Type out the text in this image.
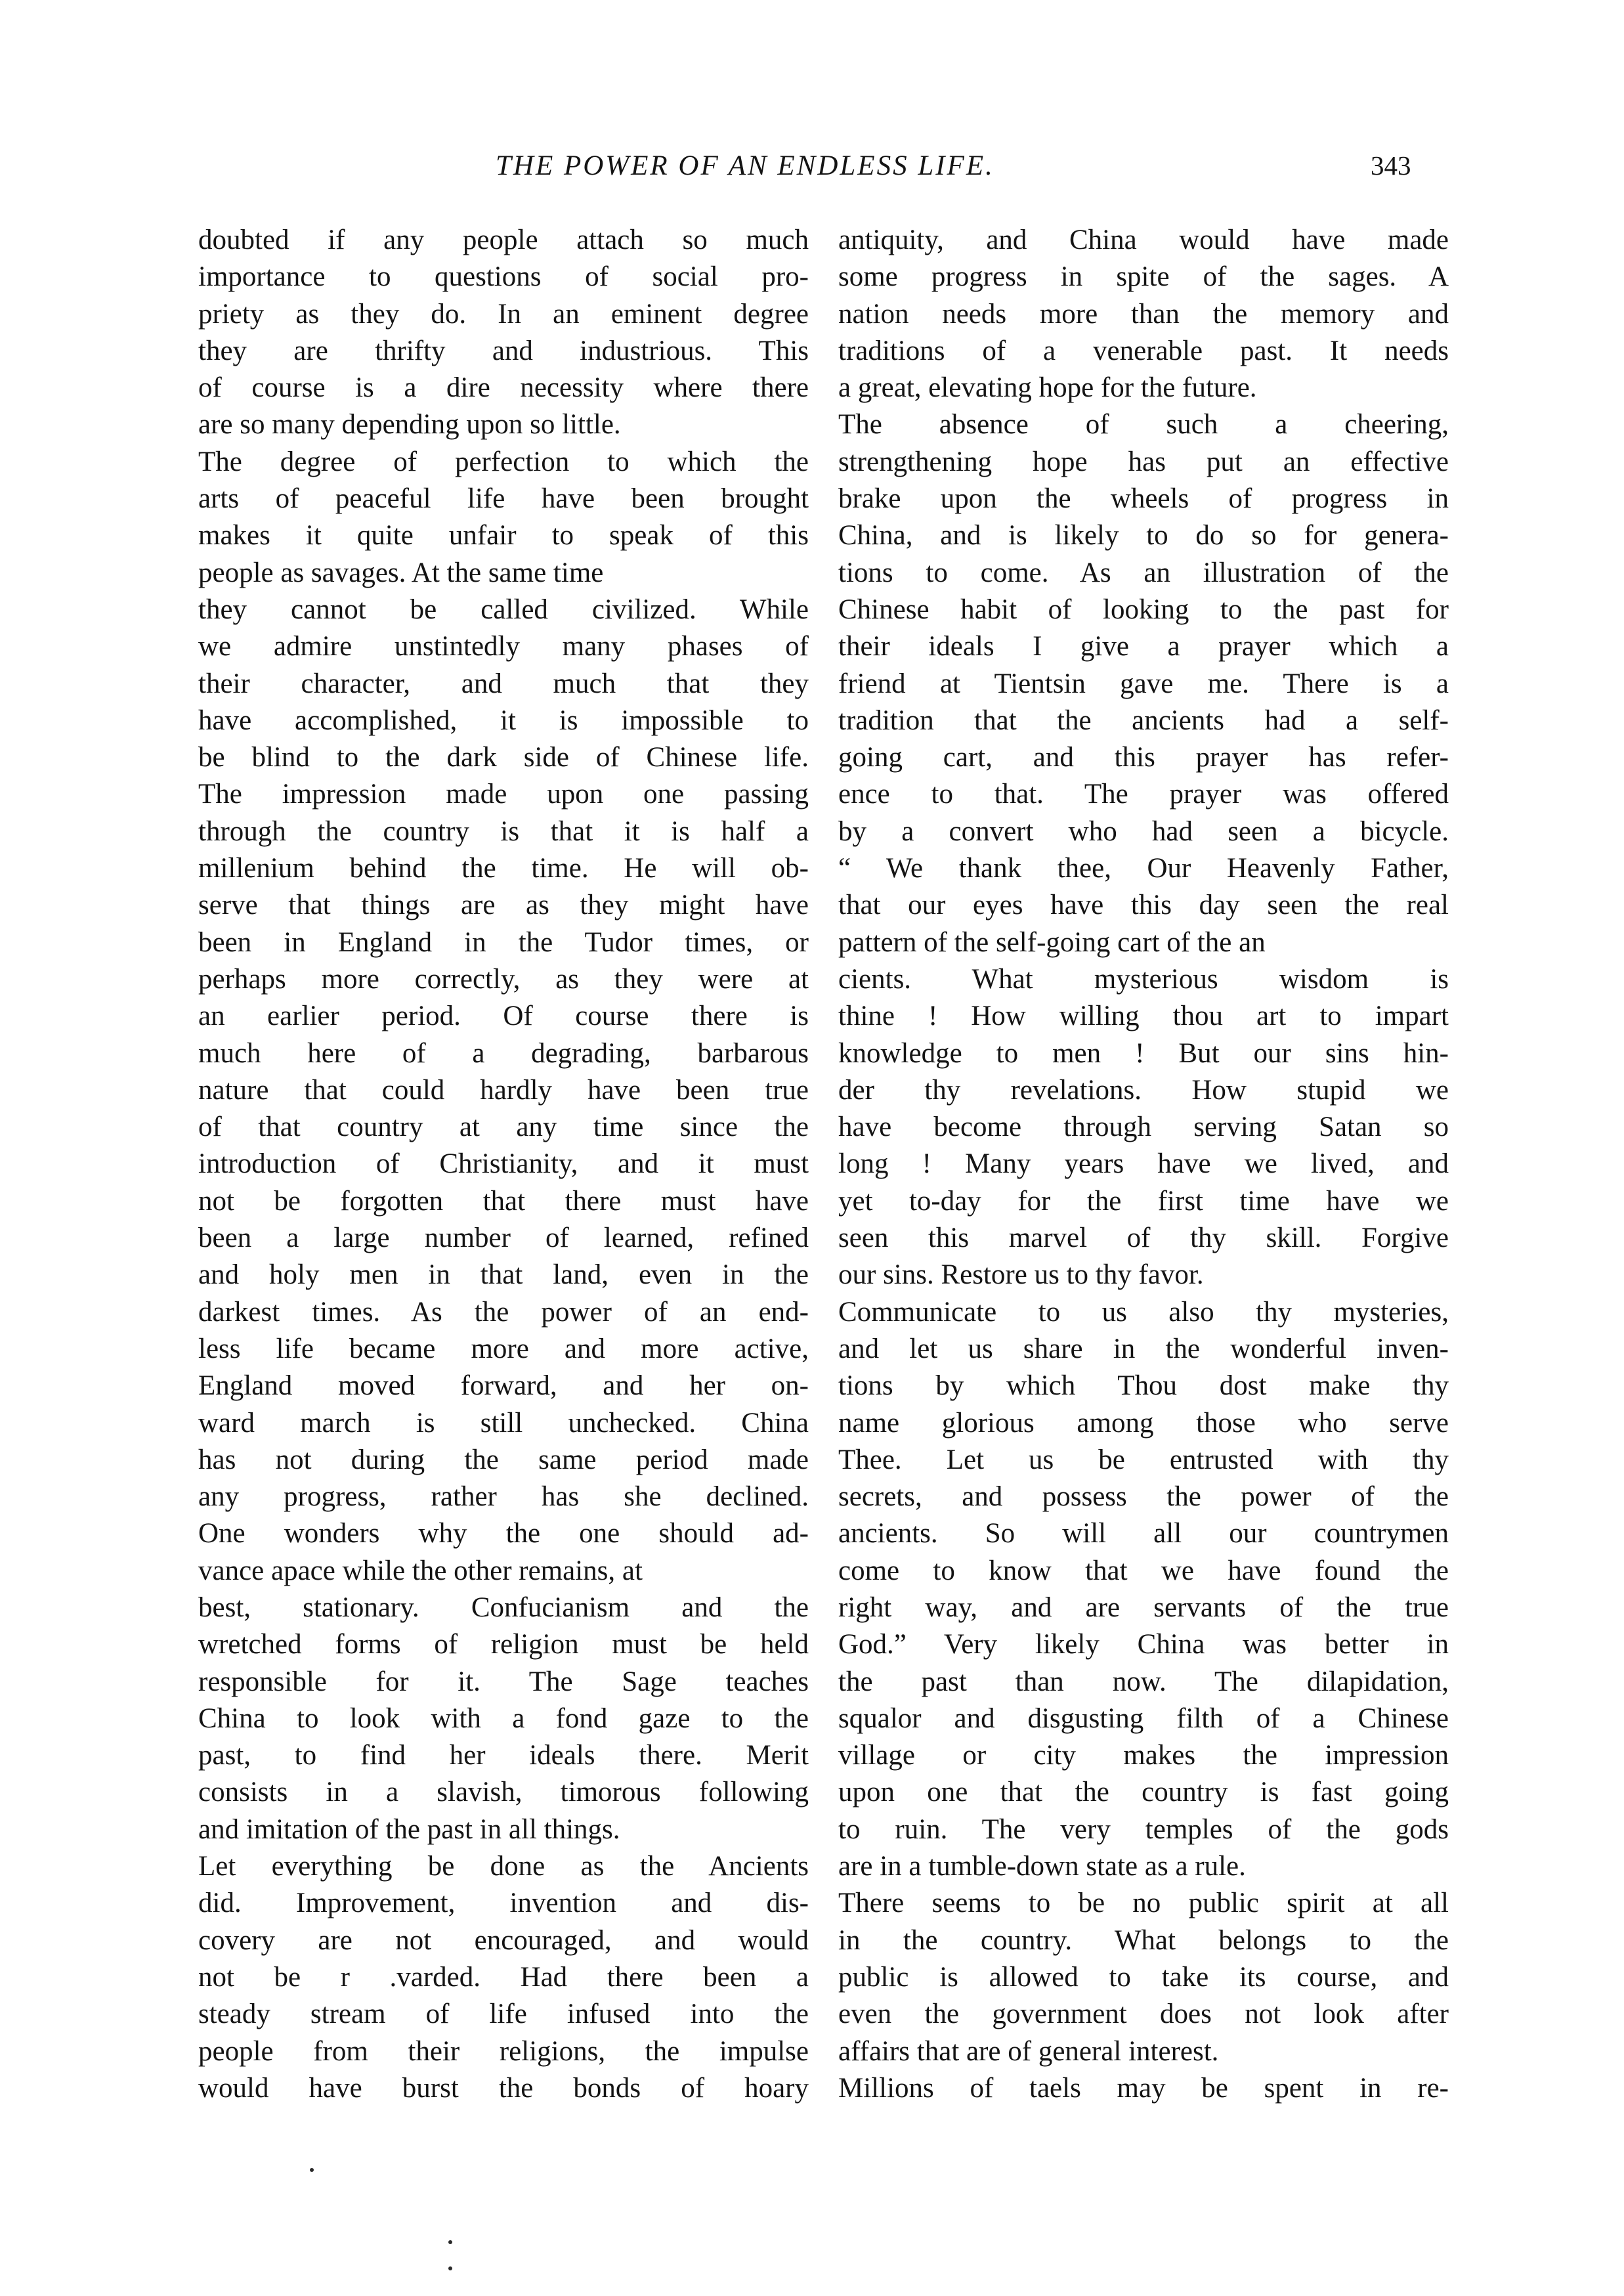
THE POWER OF AN ENDLESS LIFE.	343
doubted if any people attach so much
importance to questions of social pro-
priety as they do. In an eminent degree
they are thrifty and industrious. This
of course is a dire necessity where there
are so many depending upon so little.
The degree of perfection to which the
arts of peaceful life have been brought
makes it quite unfair to speak of this
people as savages. At the same time
they cannot be called civilized. While
we admire unstintedly many phases of
their character, and much that they
have accomplished, it is impossible to
be blind to the dark side of Chinese life.
The impression made upon one passing
through the country is that it is half a
millenium behind the time. He will ob-
serve that things are as they might have
been in England in the Tudor times, or
perhaps more correctly, as they were at
an earlier period. Of course there is
much here of a degrading, barbarous
nature that could hardly have been true
of that country at any time since the
introduction of Christianity, and it must
not be forgotten that there must have
been a large number of learned, refined
and holy men in that land, even in the
darkest times. As the power of an end-
less life became more and more active,
England moved forward, and her on-
ward march is still unchecked. China
has not during the same period made
any progress, rather has she declined.
One wonders why the one should ad-
vance apace while the other remains, at
best, stationary. Confucianism and the
wretched forms of religion must be held
responsible for it. The Sage teaches
China to look with a fond gaze to the
past, to find her ideals there. Merit
consists in a slavish, timorous following
and imitation of the past in all things.
Let everything be done as the Ancients
did. Improvement, invention and dis-
covery are not encouraged, and would
not be r .varded. Had there been a
steady stream of life infused into the
people from their religions, the impulse
would have burst the bonds of hoary
antiquity, and China would have made
some progress in spite of the sages. A
nation needs more than the memory and
traditions of a venerable past. It needs
a great, elevating hope for the future.
The absence of such a cheering,
strengthening hope has put an effective
brake upon the wheels of progress in
China, and is likely to do so for genera-
tions to come. As an illustration of the
Chinese habit of looking to the past for
their ideals I give a prayer which a
friend at Tientsin gave me. There is a
tradition that the ancients had a self-
going cart, and this prayer has refer-
ence to that. The prayer was offered
by a convert who had seen a bicycle.
“ We thank thee, Our Heavenly Father,
that our eyes have this day seen the real
pattern of the self-going cart of the an
cients. What mysterious wisdom is
thine ! How willing thou art to impart
knowledge to men ! But our sins hin-
der thy revelations. How stupid we
have become through serving Satan so
long ! Many years have we lived, and
yet to-day for the first time have we
seen this marvel of thy skill. Forgive
our sins. Restore us to thy favor.
Communicate to us also thy mysteries,
and let us share in the wonderful inven-
tions by which Thou dost make thy
name glorious among those who serve
Thee. Let us be entrusted with thy
secrets, and possess the power of the
ancients. So will all our countrymen
come to know that we have found the
right way, and are servants of the true
God.” Very likely China was better in
the past than now. The dilapidation,
squalor and disgusting filth of a Chinese
village or city makes the impression
upon one that the country is fast going
to ruin. The very temples of the gods
are in a tumble-down state as a rule.
There seems to be no public spirit at all
in the country. What belongs to the
public is allowed to take its course, and
even the government does not look after
affairs that are of general interest.
Millions of taels may be spent in re-
